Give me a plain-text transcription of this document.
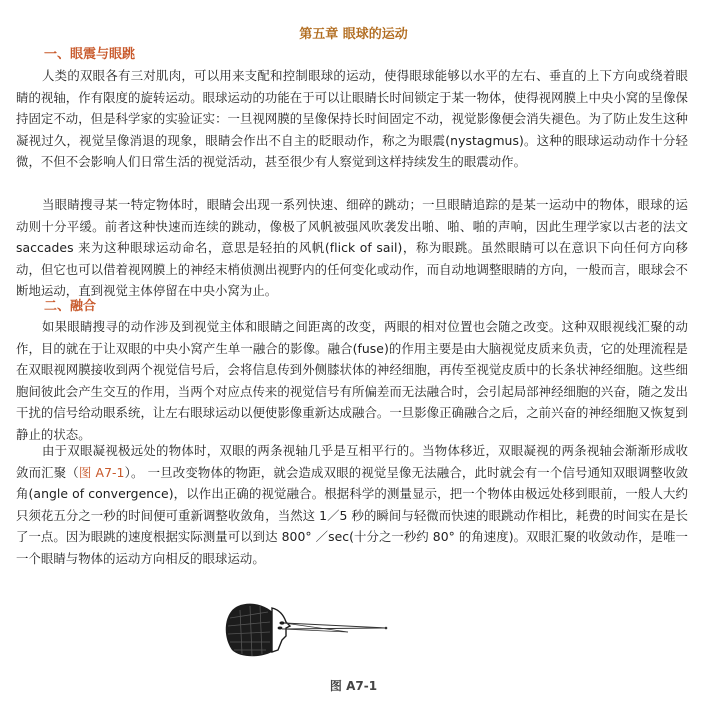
第五章 眼球的运动
一、眼震与眼跳

人类的双眼各有三对肌肉，可以用来支配和控制眼球的运动，使得眼球能够以水平的左右、垂直的上下方向或绕着眼睛的视轴，作有限度的旋转运动。眼球运动的功能在于可以让眼睛长时间锁定于某一物体，使得视网膜上中央小窝的呈像保持固定不动，但是科学家的实验证实：一旦视网膜的呈像保持长时间固定不动，视觉影像便会消失褪色。为了防止发生这种凝视过久，视觉呈像消退的现象，眼睛会作出不自主的眨眼动作，称之为眼震(nystagmus)。这种的眼球运动动作十分轻微，不但不会影响人们日常生活的视觉活动，甚至很少有人察觉到这样持续发生的眼震动作。

当眼睛搜寻某一特定物体时，眼睛会出现一系列快速、细碎的跳动；一旦眼睛追踪的是某一运动中的物体，眼球的运动则十分平缓。前者这种快速而连续的跳动，像极了风帆被强风吹袭发出啪、啪、啪的声响，因此生理学家以古老的法文 saccades 来为这种眼球运动命名，意思是轻拍的风帆(flick of sail)，称为眼跳。虽然眼睛可以在意识下向任何方向移动，但它也可以借着视网膜上的神经末梢侦测出视野内的任何变化或动作，而自动地调整眼睛的方向，一般而言，眼球会不断地运动，直到视觉主体停留在中央小窝为止。

二、融合

如果眼睛搜寻的动作涉及到视觉主体和眼睛之间距离的改变，两眼的相对位置也会随之改变。这种双眼视线汇聚的动作，目的就在于让双眼的中央小窝产生单一融合的影像。融合(fuse)的作用主要是由大脑视觉皮质来负责，它的处理流程是在双眼视网膜接收到两个视觉信号后，会将信息传到外侧膝状体的神经细胞，再传至视觉皮质中的长条状神经细胞。这些细胞间彼此会产生交互的作用，当两个对应点传来的视觉信号有所偏差而无法融合时，会引起局部神经细胞的兴奋，随之发出干扰的信号给动眼系统，让左右眼球运动以便使影像重新达成融合。一旦影像正确融合之后，之前兴奋的神经细胞又恢复到静止的状态。

由于双眼凝视极远处的物体时，双眼的两条视轴几乎是互相平行的。当物体移近，双眼凝视的两条视轴会渐渐形成收敛而汇聚（图 A7-1）。 一旦改变物体的物距，就会造成双眼的视觉呈像无法融合，此时就会有一个信号通知双眼调整收敛角(angle of convergence)，以作出正确的视觉融合。根据科学的测量显示，把一个物体由极远处移到眼前，一般人大约只须花五分之一秒的时间便可重新调整收敛角，当然这 1／5 秒的瞬间与轻微而快速的眼跳动作相比，耗费的时间实在是长了一点。因为眼跳的速度根据实际测量可以到达 800° ／sec(十分之一秒约 80° 的角速度)。双眼汇聚的收敛动作，是唯一一个眼睛与物体的运动方向相反的眼球运动。

图 A7-1
